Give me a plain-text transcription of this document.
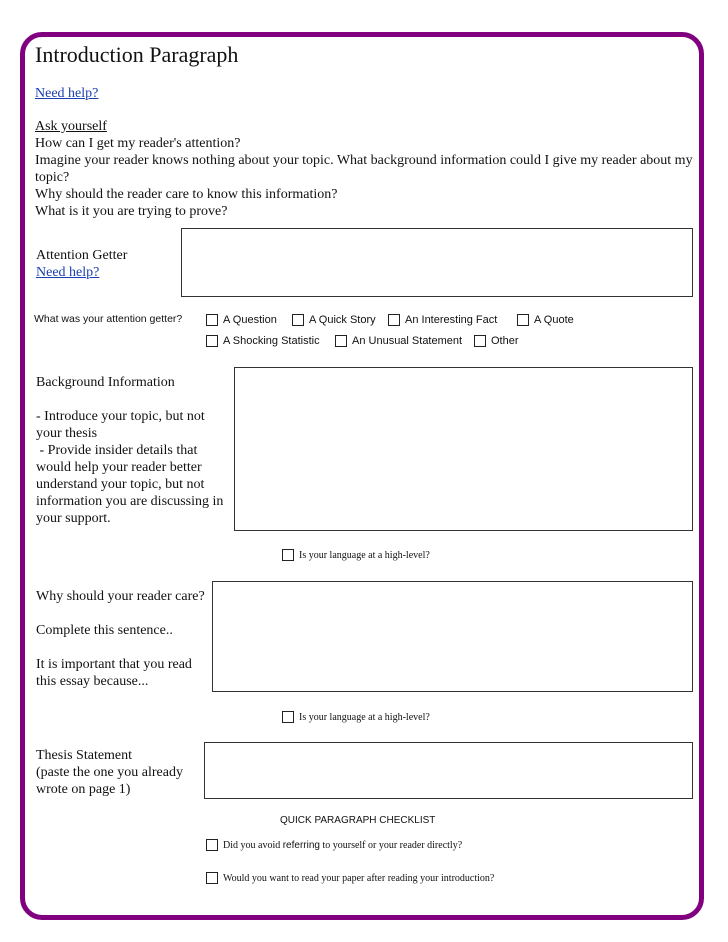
Introduction Paragraph
Need help?
Ask yourself
How can I get my reader's attention?
Imagine your reader knows nothing about your topic. What background information could I give my reader about my
topic?
Why should the reader care to know this information?
What is it you are trying to prove?
Attention Getter
Need help?
What was your attention getter?	A Question	A Quick Story	An Interesting Fact	A Quote
A Shocking Statistic	An Unusual Statement	Other
Background Information
- Introduce your topic, but not
your thesis
- Provide insider details that
would help your reader better
understand your topic, but not
information you are discussing in
your support.
Is your language at a high-level?
Why should your reader care?
Complete this sentence..
It is important that you read
this essay because...
Is your language at a high-level?
Thesis Statement
(paste the one you already
wrote on page 1)
QUICK PARAGRAPH CHECKLIST
Did you avoid
referring
to yourself or your reader directly?
Would you want to read your paper after reading your introduction?
